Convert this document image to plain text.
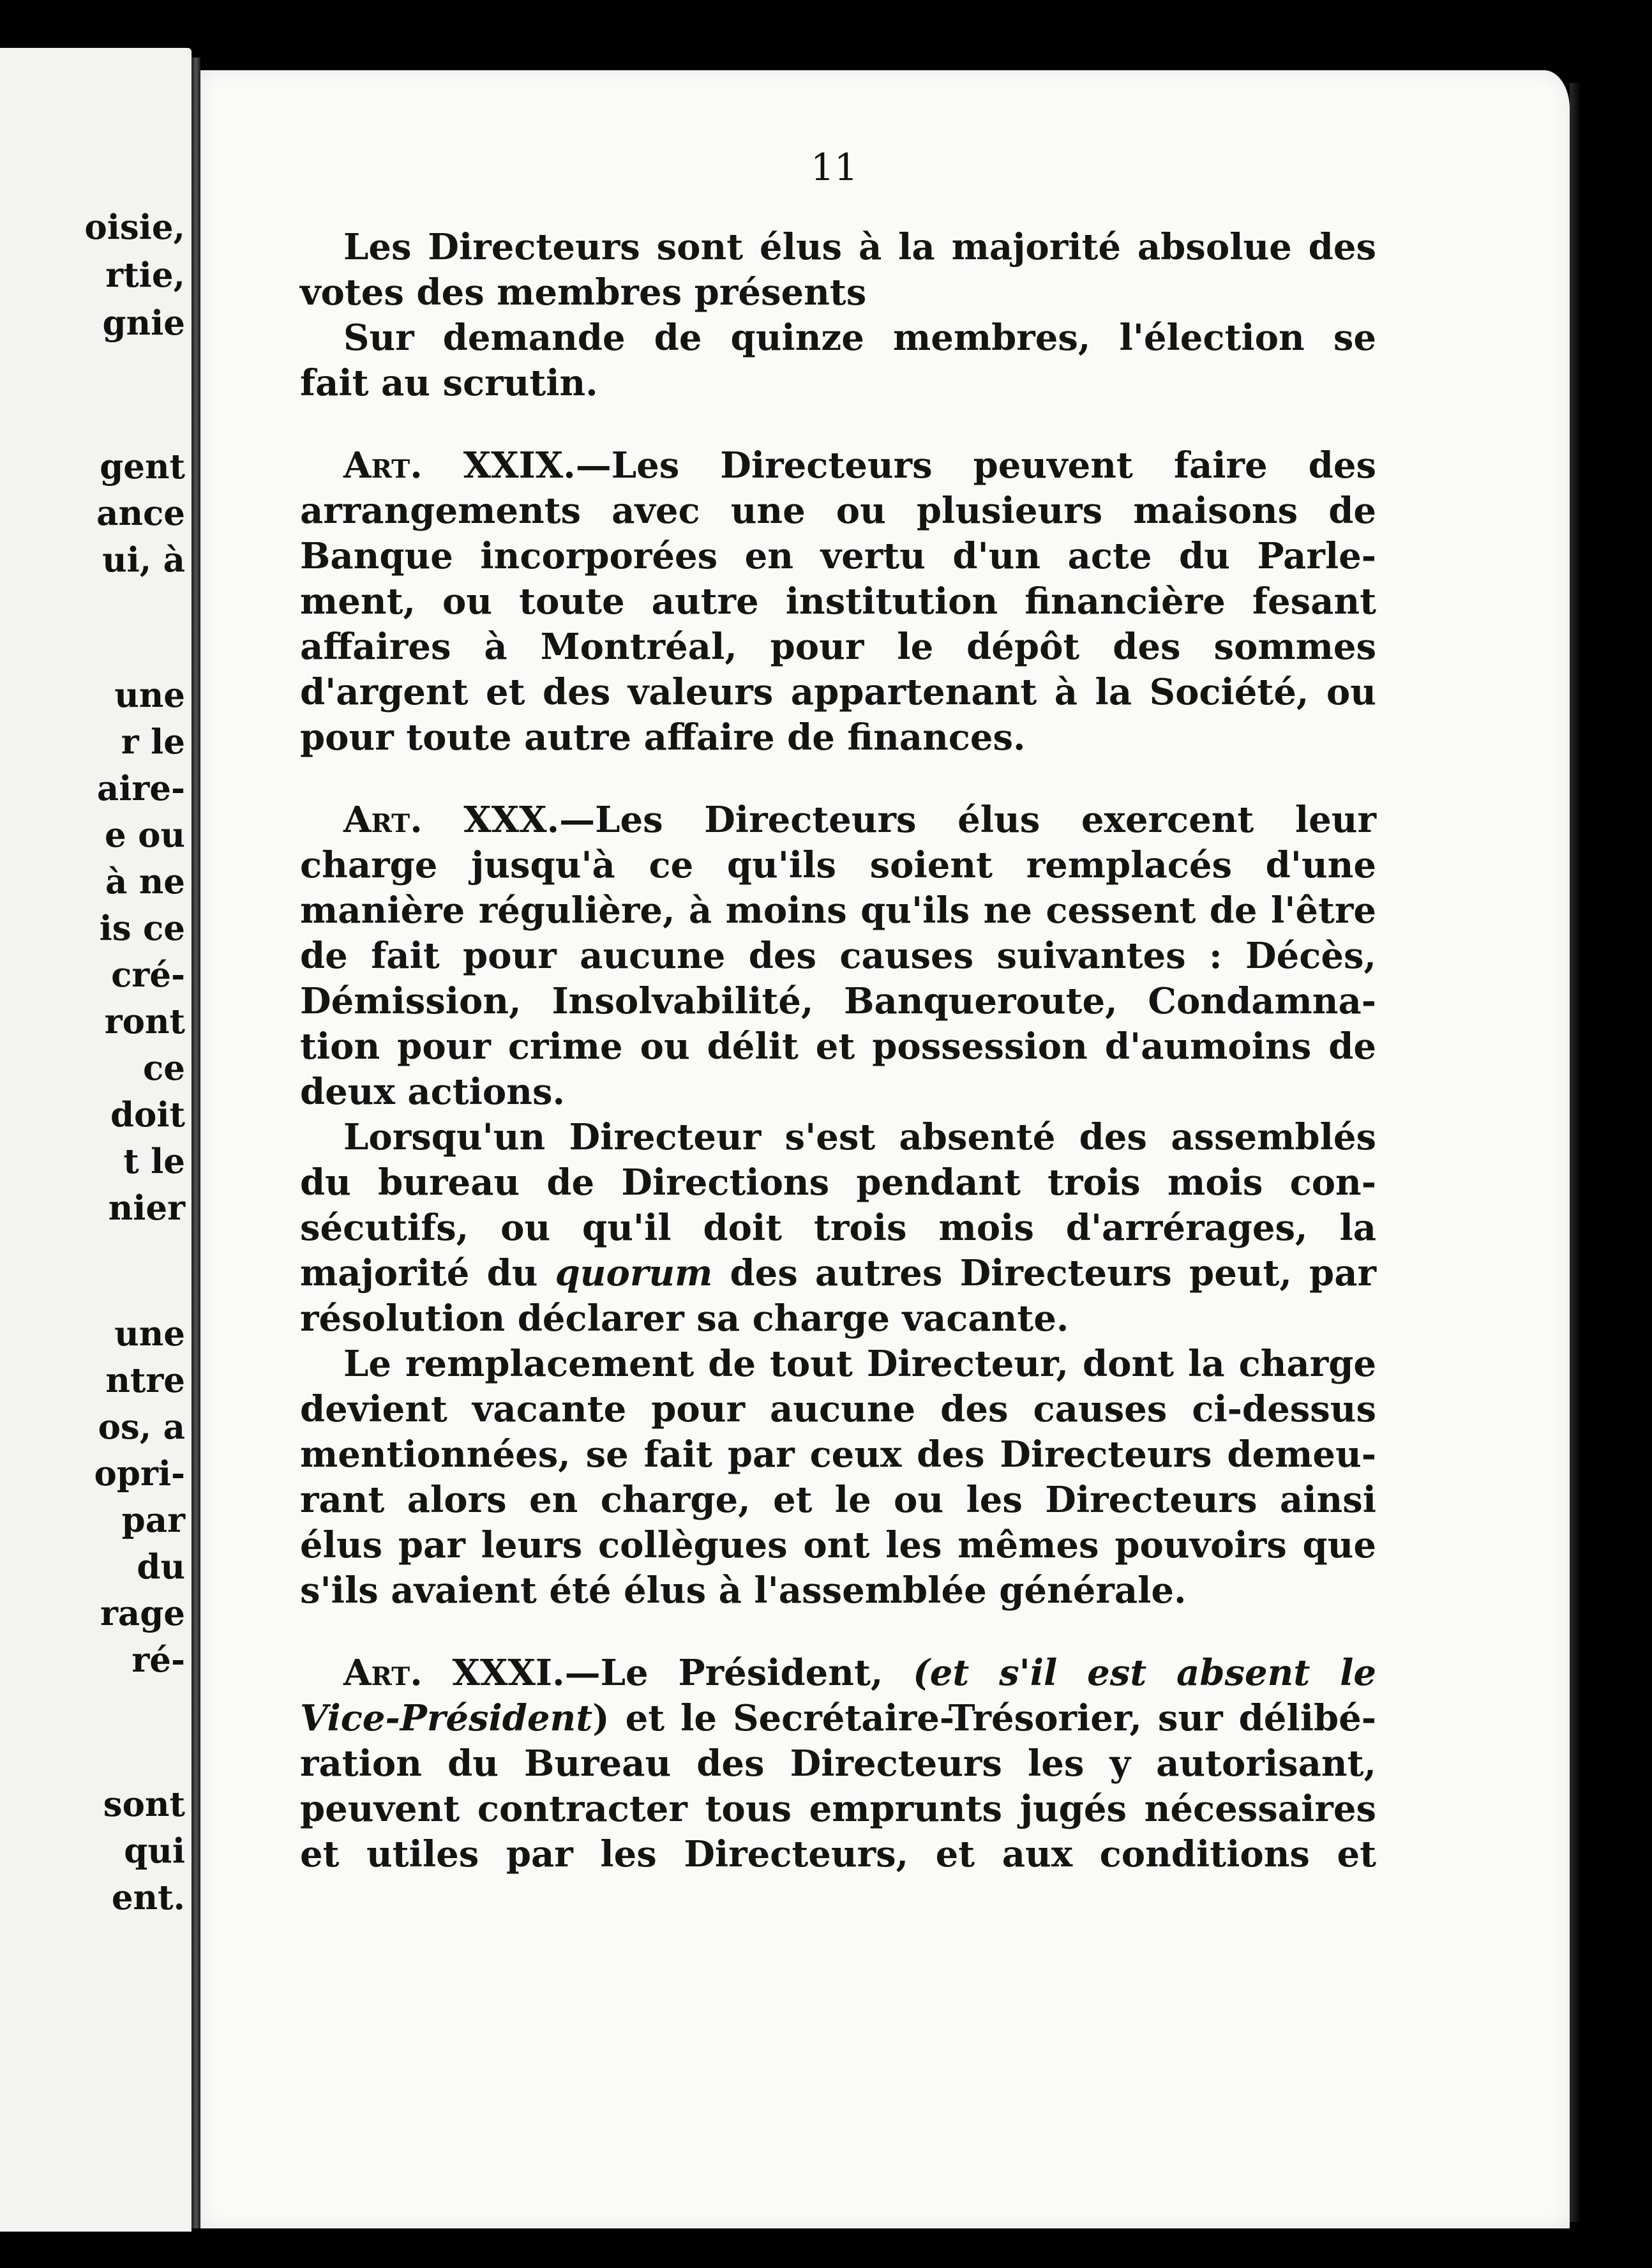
oisie,
rtie,
gnie
gent
ance
ui, à
une
r le
aire-
e ou
à ne
is ce
cré-
ront
ce
doit
t le
nier
une
ntre
os, a
opri-
par
du
rage
ré-
sont
qui
ent.
11
Les Directeurs sont élus à la majorité absolue des
votes des membres présents
Sur demande de quinze membres, l'élection se
fait au scrutin.
Art. XXIX.—Les Directeurs peuvent faire des
arrangements avec une ou plusieurs maisons de
Banque incorporées en vertu d'un acte du Parle-
ment, ou toute autre institution financière fesant
affaires à Montréal, pour le dépôt des sommes
d'argent et des valeurs appartenant à la Société, ou
pour toute autre affaire de finances.
Art. XXX.—Les Directeurs élus exercent leur
charge jusqu'à ce qu'ils soient remplacés d'une
manière régulière, à moins qu'ils ne cessent de l'être
de fait pour aucune des causes suivantes : Décès,
Démission, Insolvabilité, Banqueroute, Condamna-
tion pour crime ou délit et possession d'aumoins de
deux actions.
Lorsqu'un Directeur s'est absenté des assemblés
du bureau de Directions pendant trois mois con-
sécutifs, ou qu'il doit trois mois d'arrérages, la
majorité du quorum des autres Directeurs peut, par
résolution déclarer sa charge vacante.
Le remplacement de tout Directeur, dont la charge
devient vacante pour aucune des causes ci-dessus
mentionnées, se fait par ceux des Directeurs demeu-
rant alors en charge, et le ou les Directeurs ainsi
élus par leurs collègues ont les mêmes pouvoirs que
s'ils avaient été élus à l'assemblée générale.
Art. XXXI.—Le Président, (et s'il est absent le
Vice-Président) et le Secrétaire-Trésorier, sur délibé-
ration du Bureau des Directeurs les y autorisant,
peuvent contracter tous emprunts jugés nécessaires
et utiles par les Directeurs, et aux conditions et
